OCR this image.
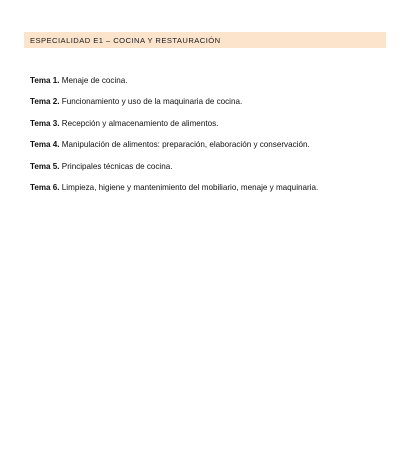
ESPECIALIDAD E1 – COCINA Y RESTAURACIÓN
Tema 1. Menaje de cocina.
Tema 2. Funcionamiento y uso de la maquinaria de cocina.
Tema 3. Recepción y almacenamiento de alimentos.
Tema 4. Manipulación de alimentos: preparación, elaboración y conservación.
Tema 5. Principales técnicas de cocina.
Tema 6. Limpieza, higiene y mantenimiento del mobiliario, menaje y maquinaria.
